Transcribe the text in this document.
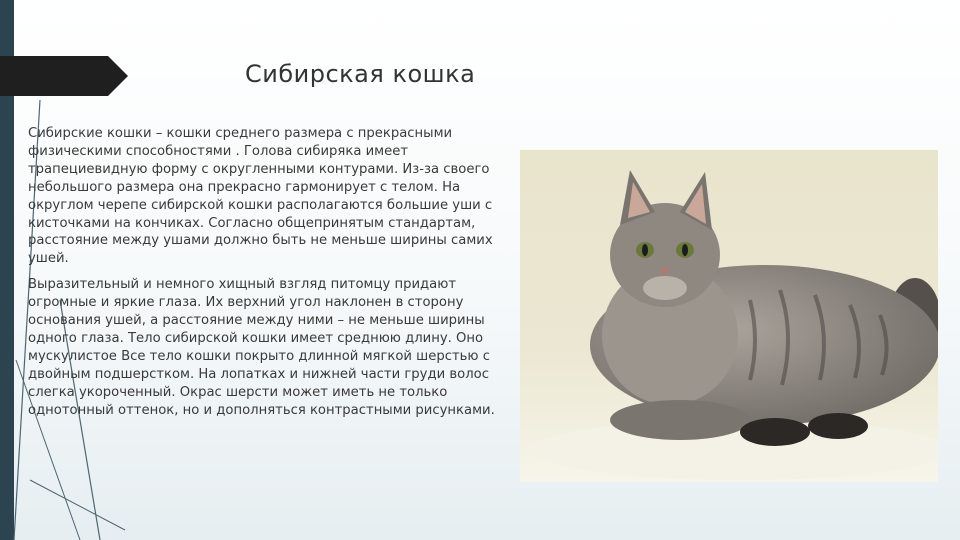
Сибирская кошка

Сибирские кошки – кошки среднего размера с прекрасными физическими способностями . Голова сибиряка имеет трапециевидную форму с округленными контурами. Из-за своего небольшого размера она прекрасно гармонирует с телом. На округлом черепе сибирской кошки располагаются большие уши с кисточками на кончиках. Согласно общепринятым стандартам, расстояние между ушами должно быть не меньше ширины самих ушей.

Выразительный и немного хищный взгляд питомцу придают огромные и яркие глаза. Их верхний угол наклонен в сторону основания ушей, а расстояние между ними – не меньше ширины одного глаза. Тело сибирской кошки имеет среднюю длину. Оно мускулистое Все тело кошки покрыто длинной мягкой шерстью с двойным подшерстком. На лопатках и нижней части груди волос слегка укороченный. Окрас шерсти может иметь не только однотонный оттенок, но и дополняться контрастными рисунками.
